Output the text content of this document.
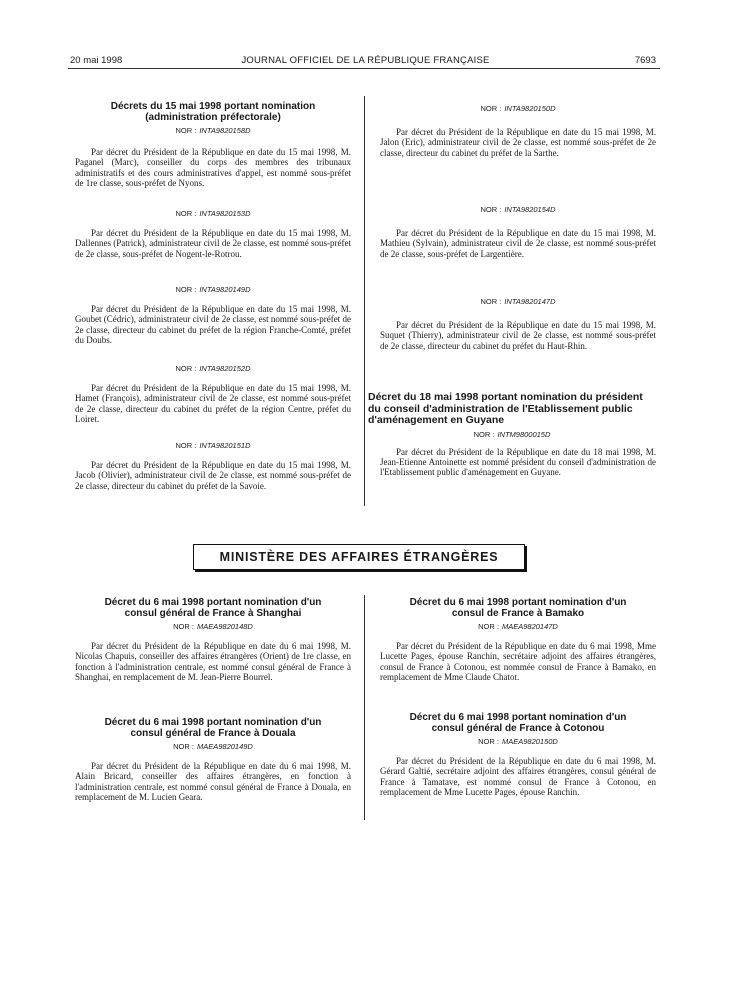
20 mai 1998	JOURNAL OFFICIEL DE LA RÉPUBLIQUE FRANÇAISE	7693
Décrets du 15 mai 1998 portant nomination (administration préfectorale)
NOR : INTA9820158D

Par décret du Président de la République en date du 15 mai 1998, M. Paganel (Marc), conseiller du corps des membres des tribunaux administratifs et des cours administratives d'appel, est nommé sous-préfet de 1re classe, sous-préfet de Nyons.

NOR : INTA9820153D

Par décret du Président de la République en date du 15 mai 1998, M. Dallennes (Patrick), administrateur civil de 2e classe, est nommé sous-préfet de 2e classe, sous-préfet de Nogent-le-Rotrou.

NOR : INTA9820149D

Par décret du Président de la République en date du 15 mai 1998, M. Goubet (Cédric), administrateur civil de 2e classe, est nommé sous-préfet de 2e classe, directeur du cabinet du préfet de la région Franche-Comté, préfet du Doubs.

NOR : INTA9820152D

Par décret du Président de la République en date du 15 mai 1998, M. Hamet (François), administrateur civil de 2e classe, est nommé sous-préfet de 2e classe, directeur du cabinet du préfet de la région Centre, préfet du Loiret.

NOR : INTA9820151D

Par décret du Président de la République en date du 15 mai 1998, M. Jacob (Olivier), administrateur civil de 2e classe, est nommé sous-préfet de 2e classe, directeur du cabinet du préfet de la Savoie.

NOR : INTA9820150D

Par décret du Président de la République en date du 15 mai 1998, M. Jalon (Eric), administrateur civil de 2e classe, est nommé sous-préfet de 2e classe, directeur du cabinet du préfet de la Sarthe.

NOR : INTA9820154D

Par décret du Président de la République en date du 15 mai 1998, M. Mathieu (Sylvain), administrateur civil de 2e classe, est nommé sous-préfet de 2e classe, sous-préfet de Largentière.

NOR : INTA9820147D

Par décret du Président de la République en date du 15 mai 1998, M. Suquet (Thierry), administrateur civil de 2e classe, est nommé sous-préfet de 2e classe, directeur du cabinet du préfet du Haut-Rhin.

Décret du 18 mai 1998 portant nomination du président du conseil d'administration de l'Etablissement public d'aménagement en Guyane
NOR : INTM9800015D

Par décret du Président de la République en date du 18 mai 1998, M. Jean-Etienne Antoinette est nommé président du conseil d'administration de l'Etablissement public d'aménagement en Guyane.

MINISTÈRE DES AFFAIRES ÉTRANGÈRES
Décret du 6 mai 1998 portant nomination d'un consul général de France à Shanghai
NOR : MAEA9820148D

Par décret du Président de la République en date du 6 mai 1998, M. Nicolas Chapuis, conseiller des affaires étrangères (Orient) de 1re classe, en fonction à l'administration centrale, est nommé consul général de France à Shanghai, en remplacement de M. Jean-Pierre Bourrel.

Décret du 6 mai 1998 portant nomination d'un consul général de France à Douala
NOR : MAEA9820149D

Par décret du Président de la République en date du 6 mai 1998, M. Alain Bricard, conseiller des affaires étrangères, en fonction à l'administration centrale, est nommé consul général de France à Douala, en remplacement de M. Lucien Geara.

Décret du 6 mai 1998 portant nomination d'un consul de France à Bamako
NOR : MAEA9820147D

Par décret du Président de la République en date du 6 mai 1998, Mme Lucette Pages, épouse Ranchin, secrétaire adjoint des affaires étrangères, consul de France à Cotonou, est nommée consul de France à Bamako, en remplacement de Mme Claude Chatot.

Décret du 6 mai 1998 portant nomination d'un consul général de France à Cotonou
NOR : MAEA9820150D

Par décret du Président de la République en date du 6 mai 1998, M. Gérard Galtié, secrétaire adjoint des affaires étrangères, consul général de France à Tamatave, est nommé consul de France à Cotonou, en remplacement de Mme Lucette Pages, épouse Ranchin.
